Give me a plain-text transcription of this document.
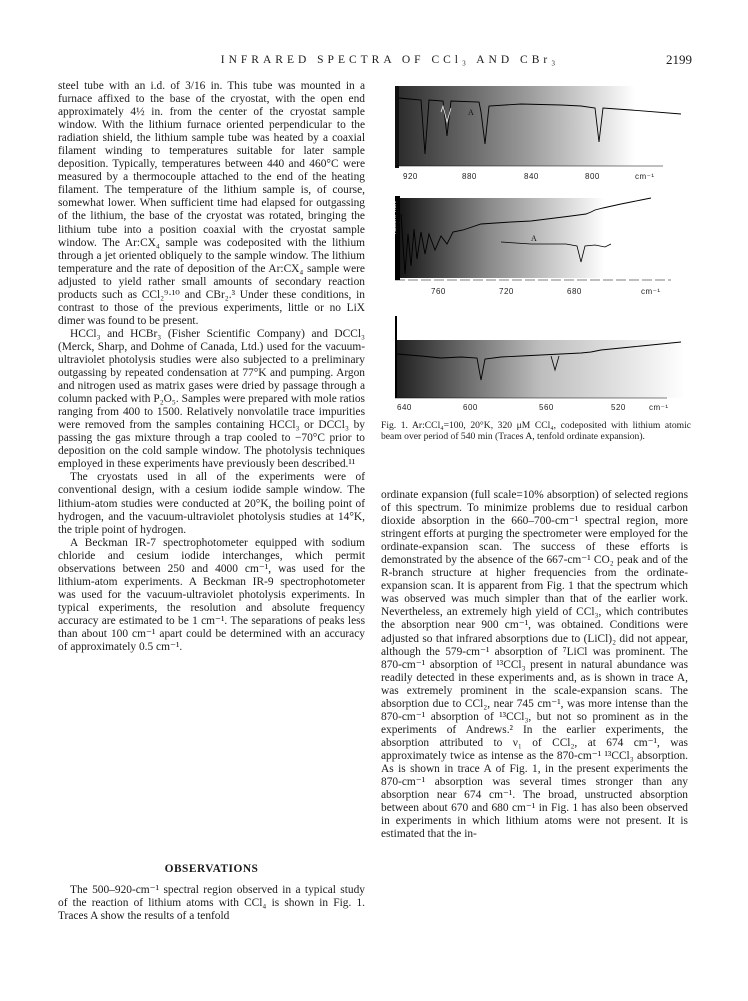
INFRARED SPECTRA OF CCl₃ AND CBr₃	2199

steel tube with an i.d. of 3/16 in. This tube was mounted in a furnace affixed to the base of the cryostat, with the open end approximately 4½ in. from the center of the cryostat sample window. With the lithium furnace oriented perpendicular to the radiation shield, the lithium sample tube was heated by a coaxial filament winding to temperatures suitable for later sample deposition. Typically, temperatures between 440 and 460°C were measured by a thermocouple attached to the end of the heating filament. The temperature of the lithium sample is, of course, somewhat lower. When sufficient time had elapsed for outgassing of the lithium, the base of the cryostat was rotated, bringing the lithium tube into a position coaxial with the cryostat sample window. The Ar:CX₄ sample was codeposited with the lithium through a jet oriented obliquely to the sample window. The lithium temperature and the rate of deposition of the Ar:CX₄ sample were adjusted to yield rather small amounts of secondary reaction products such as CCl₂⁹·¹⁰ and CBr₂.³ Under these conditions, in contrast to those of the previous experiments, little or no LiX dimer was found to be present.

HCCl₃ and HCBr₃ (Fisher Scientific Company) and DCCl₃ (Merck, Sharp, and Dohme of Canada, Ltd.) used for the vacuum-ultraviolet photolysis studies were also subjected to a preliminary outgassing by repeated condensation at 77°K and pumping. Argon and nitrogen used as matrix gases were dried by passage through a column packed with P₂O₅. Samples were prepared with mole ratios ranging from 400 to 1500. Relatively nonvolatile trace impurities were removed from the samples containing HCCl₃ or DCCl₃ by passing the gas mixture through a trap cooled to −70°C prior to deposition on the cold sample window. The photolysis techniques employed in these experiments have previously been described.¹¹

The cryostats used in all of the experiments were of conventional design, with a cesium iodide sample window. The lithium-atom studies were conducted at 20°K, the boiling point of hydrogen, and the vacuum-ultraviolet photolysis studies at 14°K, the triple point of hydrogen.

A Beckman IR-7 spectrophotometer equipped with sodium chloride and cesium iodide interchanges, which permit observations between 250 and 4000 cm⁻¹, was used for the lithium-atom experiments. A Beckman IR-9 spectrophotometer was used for the vacuum-ultraviolet photolysis experiments. In typical experiments, the resolution and absolute frequency accuracy are estimated to be 1 cm⁻¹. The separations of peaks less than about 100 cm⁻¹ apart could be determined with an accuracy of approximately 0.5 cm⁻¹.

OBSERVATIONS

The 500–920-cm⁻¹ spectral region observed in a typical study of the reaction of lithium atoms with CCl₄ is shown in Fig. 1. Traces A show the results of a tenfold

A
920	880	840	800	cm⁻¹
ABSORPTION
A
760	720	680	cm⁻¹
640	600	560	520	cm⁻¹
Fig. 1. Ar:CCl₄=100, 20°K, 320 μM CCl₄, codeposited with lithium atomic beam over period of 540 min (Traces A, tenfold ordinate expansion).

ordinate expansion (full scale=10% absorption) of selected regions of this spectrum. To minimize problems due to residual carbon dioxide absorption in the 660–700-cm⁻¹ spectral region, more stringent efforts at purging the spectrometer were employed for the ordinate-expansion scan. The success of these efforts is demonstrated by the absence of the 667-cm⁻¹ CO₂ peak and of the R-branch structure at higher frequencies from the ordinate-expansion scan. It is apparent from Fig. 1 that the spectrum which was observed was much simpler than that of the earlier work. Nevertheless, an extremely high yield of CCl₃, which contributes the absorption near 900 cm⁻¹, was obtained. Conditions were adjusted so that infrared absorptions due to (LiCl)₂ did not appear, although the 579-cm⁻¹ absorption of ⁷LiCl was prominent. The 870-cm⁻¹ absorption of ¹³CCl₃ present in natural abundance was readily detected in these experiments and, as is shown in trace A, was extremely prominent in the scale-expansion scans. The absorption due to CCl₂, near 745 cm⁻¹, was more intense than the 870-cm⁻¹ absorption of ¹³CCl₃, but not so prominent as in the experiments of Andrews.² In the earlier experiments, the absorption attributed to ν₁ of CCl₂, at 674 cm⁻¹, was approximately twice as intense as the 870-cm⁻¹ ¹³CCl₃ absorption. As is shown in trace A of Fig. 1, in the present experiments the 870-cm⁻¹ absorption was several times stronger than any absorption near 674 cm⁻¹. The broad, unstructed absorption between about 670 and 680 cm⁻¹ in Fig. 1 has also been observed in experiments in which lithium atoms were not present. It is estimated that the in-
